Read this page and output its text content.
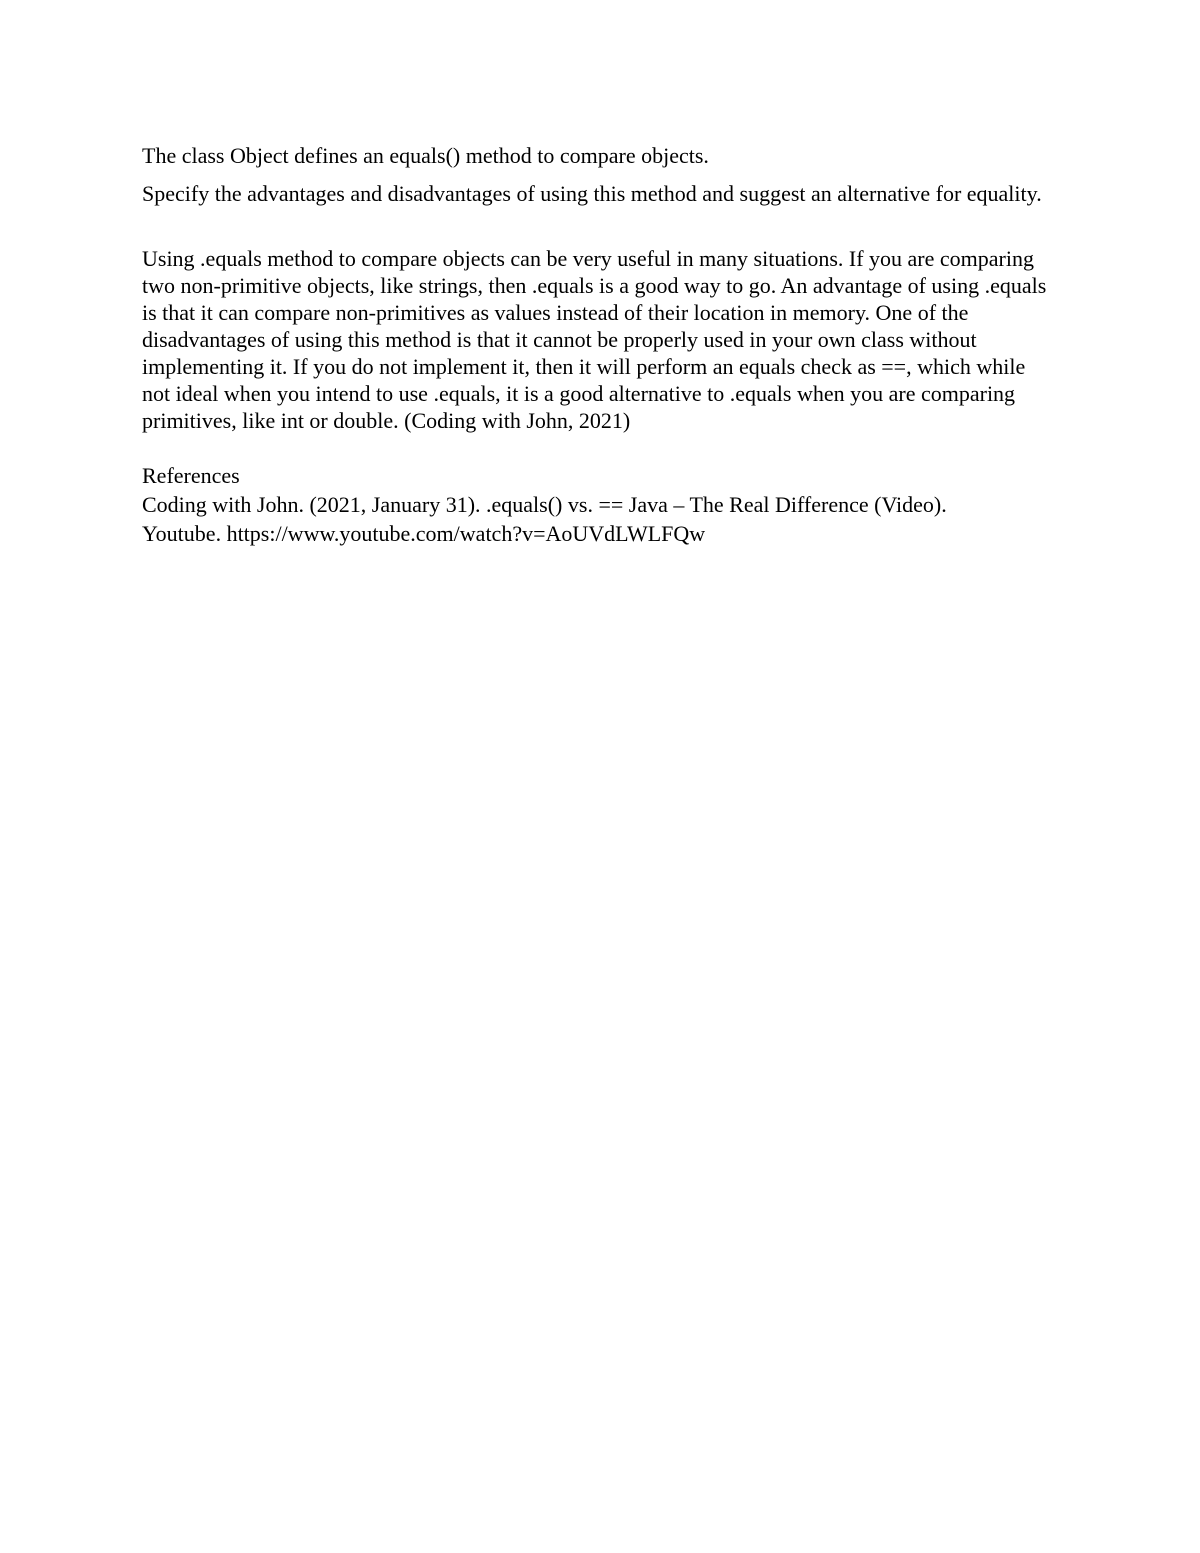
The class Object defines an equals() method to compare objects.

Specify the advantages and disadvantages of using this method and suggest an alternative for equality.

Using .equals method to compare objects can be very useful in many situations. If you are comparing two non-primitive objects, like strings, then .equals is a good way to go. An advantage of using .equals is that it can compare non-primitives as values instead of their location in memory. One of the disadvantages of using this method is that it cannot be properly used in your own class without implementing it. If you do not implement it, then it will perform an equals check as ==, which while not ideal when you intend to use .equals, it is a good alternative to .equals when you are comparing primitives, like int or double. (Coding with John, 2021)

References
Coding with John. (2021, January 31). .equals() vs. == Java – The Real Difference (Video).
Youtube. https://www.youtube.com/watch?v=AoUVdLWLFQw
